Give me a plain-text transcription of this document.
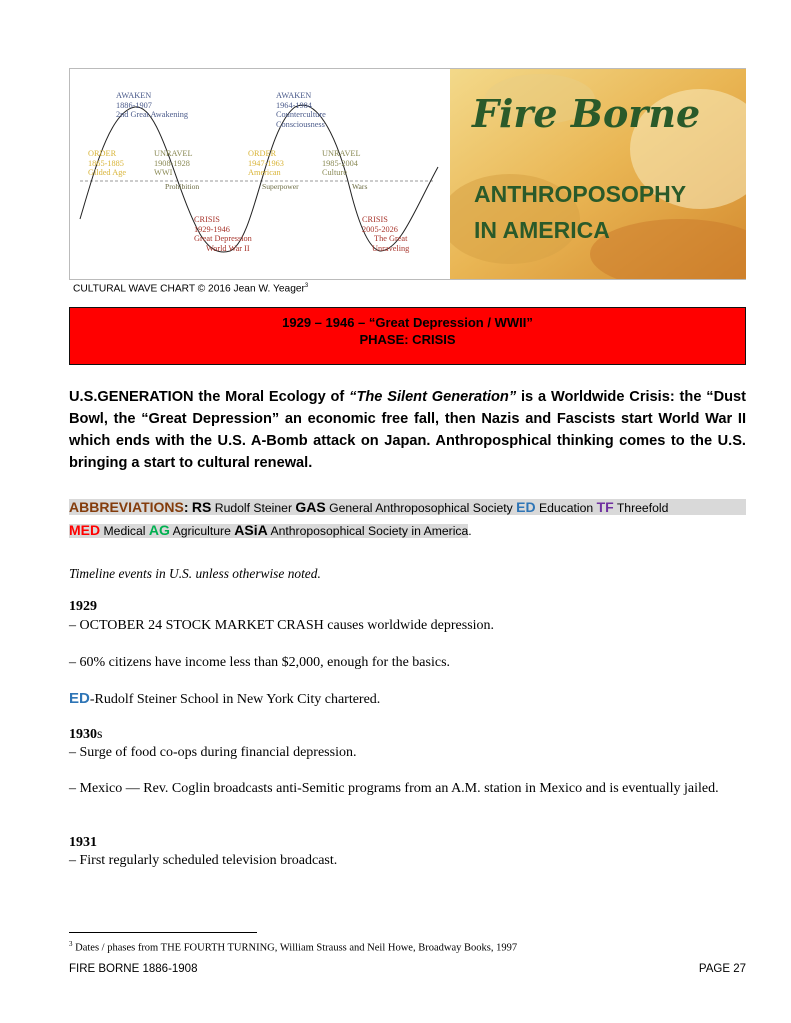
AWAKEN
1886-1907
2nd Great Awakening
AWAKEN
1964-1984
Counterculture
Consciousness
ORDER
1865-1885
Gilded Age
UNRAVEL
1908-1928
WWI
ORDER
1947-1963
American
UNRAVEL
1985-2004
Culture
Prohibition	Superpower	Wars
CRISIS
1929-1946
Great Depression
World War II
CRISIS
2005-2026
The Great
Unraveling
Fire Borne
ANTHROPOSOPHY
IN AMERICA
CULTURAL WAVE CHART © 2016 Jean W. Yeager$^3$
1929 – 1946 – “Great Depression / WWII”
PHASE: CRISIS
U.S.GENERATION the Moral Ecology of “The Silent Generation” is a Worldwide Crisis: the “Dust Bowl, the “Great Depression” an economic free fall, then Nazis and Fascists start World War II which ends with the U.S. A-Bomb attack on Japan. Anthroposphical thinking comes to the U.S. bringing a start to cultural renewal.
ABBREVIATIONS: RS Rudolf Steiner GAS General Anthroposophical Society ED Education TF Threefold
MED Medical AG Agriculture ASiA Anthroposophical Society in America.
Timeline events in U.S. unless otherwise noted.
1929
– OCTOBER 24 STOCK MARKET CRASH causes worldwide depression.
– 60% citizens have income less than $2,000, enough for the basics.
ED-Rudolf Steiner School in New York City chartered.
1930s
– Surge of food co-ops during financial depression.
– Mexico — Rev. Coglin broadcasts anti-Semitic programs from an A.M. station in Mexico and is eventually jailed.
1931
– First regularly scheduled television broadcast.
$^3$ Dates / phases from THE FOURTH TURNING, William Strauss and Neil Howe, Broadway Books, 1997
FIRE BORNE 1886-1908	PAGE 27
